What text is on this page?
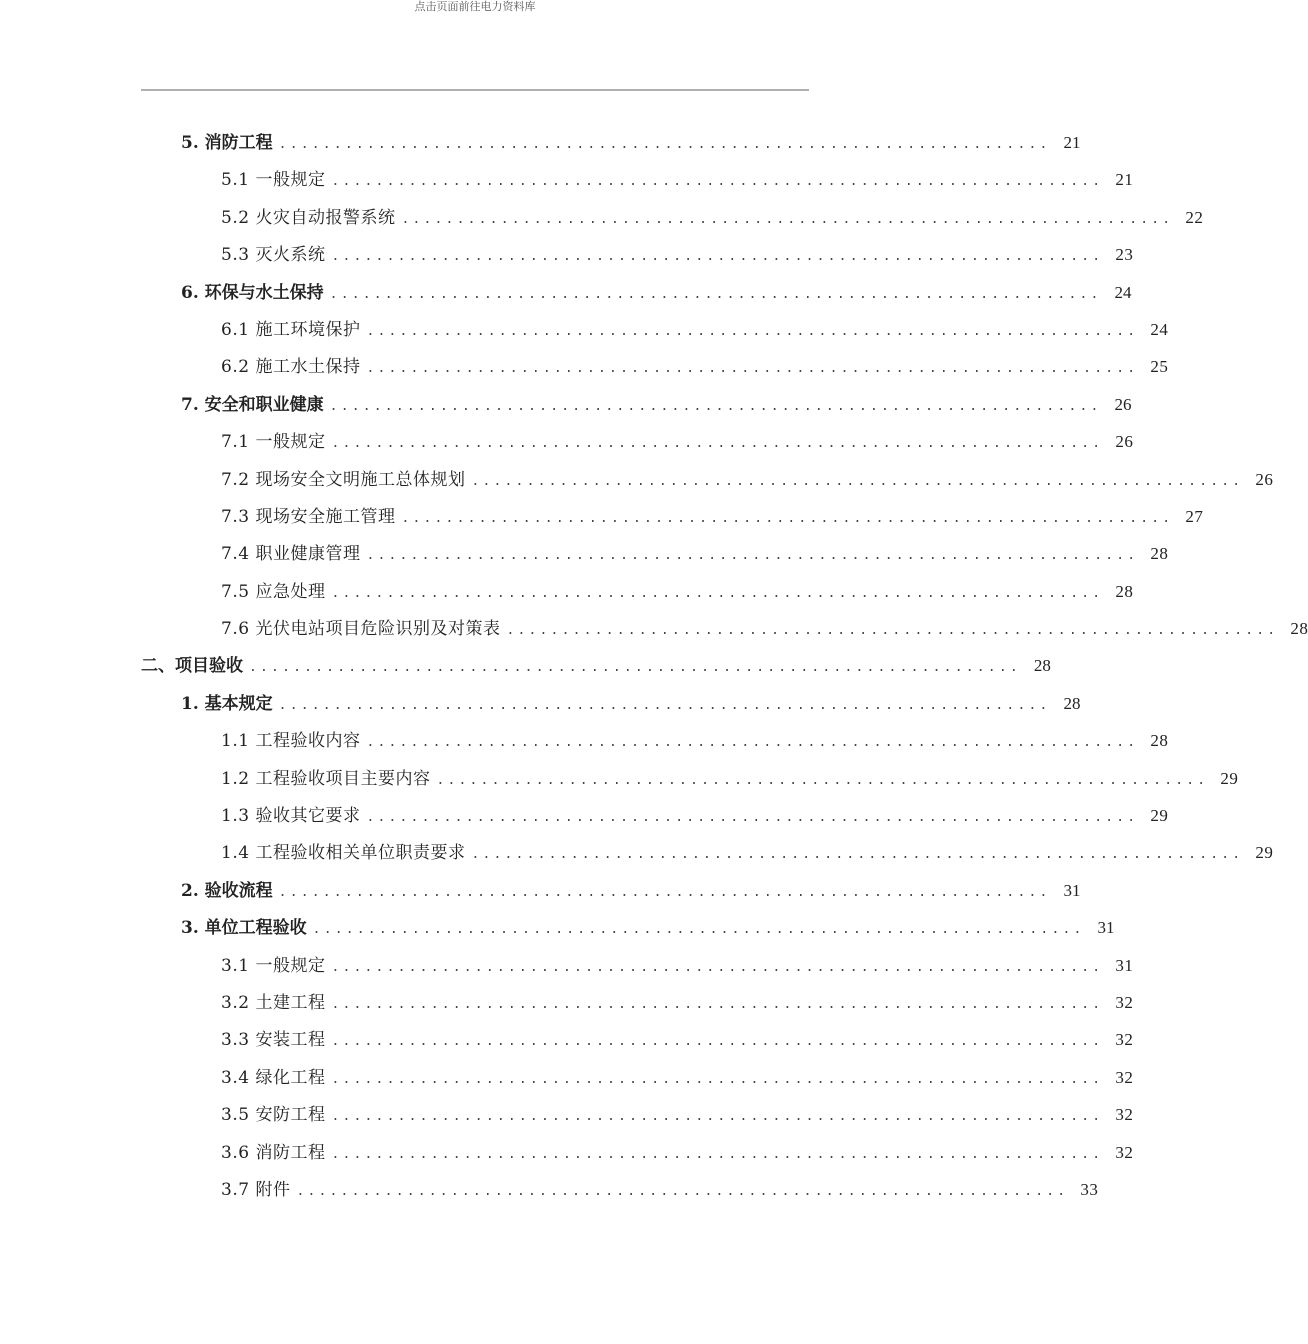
点击页面前往电力资料库
5. 消防工程 ...................................................................... 21
5.1 一般规定 ...................................................................... 21
5.2 火灾自动报警系统 ...................................................................... 22
5.3 灭火系统 ...................................................................... 23
6. 环保与水土保持 ...................................................................... 24
6.1 施工环境保护 ...................................................................... 24
6.2 施工水土保持 ...................................................................... 25
7. 安全和职业健康 ...................................................................... 26
7.1 一般规定 ...................................................................... 26
7.2 现场安全文明施工总体规划 ...................................................................... 26
7.3 现场安全施工管理 ...................................................................... 27
7.4 职业健康管理 ...................................................................... 28
7.5 应急处理 ...................................................................... 28
7.6 光伏电站项目危险识别及对策表 ...................................................................... 28
二、项目验收 ...................................................................... 28
1. 基本规定 ...................................................................... 28
1.1 工程验收内容 ...................................................................... 28
1.2 工程验收项目主要内容 ...................................................................... 29
1.3 验收其它要求 ...................................................................... 29
1.4 工程验收相关单位职责要求 ...................................................................... 29
2. 验收流程 ...................................................................... 31
3. 单位工程验收 ...................................................................... 31
3.1 一般规定 ...................................................................... 31
3.2 土建工程 ...................................................................... 32
3.3 安装工程 ...................................................................... 32
3.4 绿化工程 ...................................................................... 32
3.5 安防工程 ...................................................................... 32
3.6 消防工程 ...................................................................... 32
3.7 附件 ...................................................................... 33
